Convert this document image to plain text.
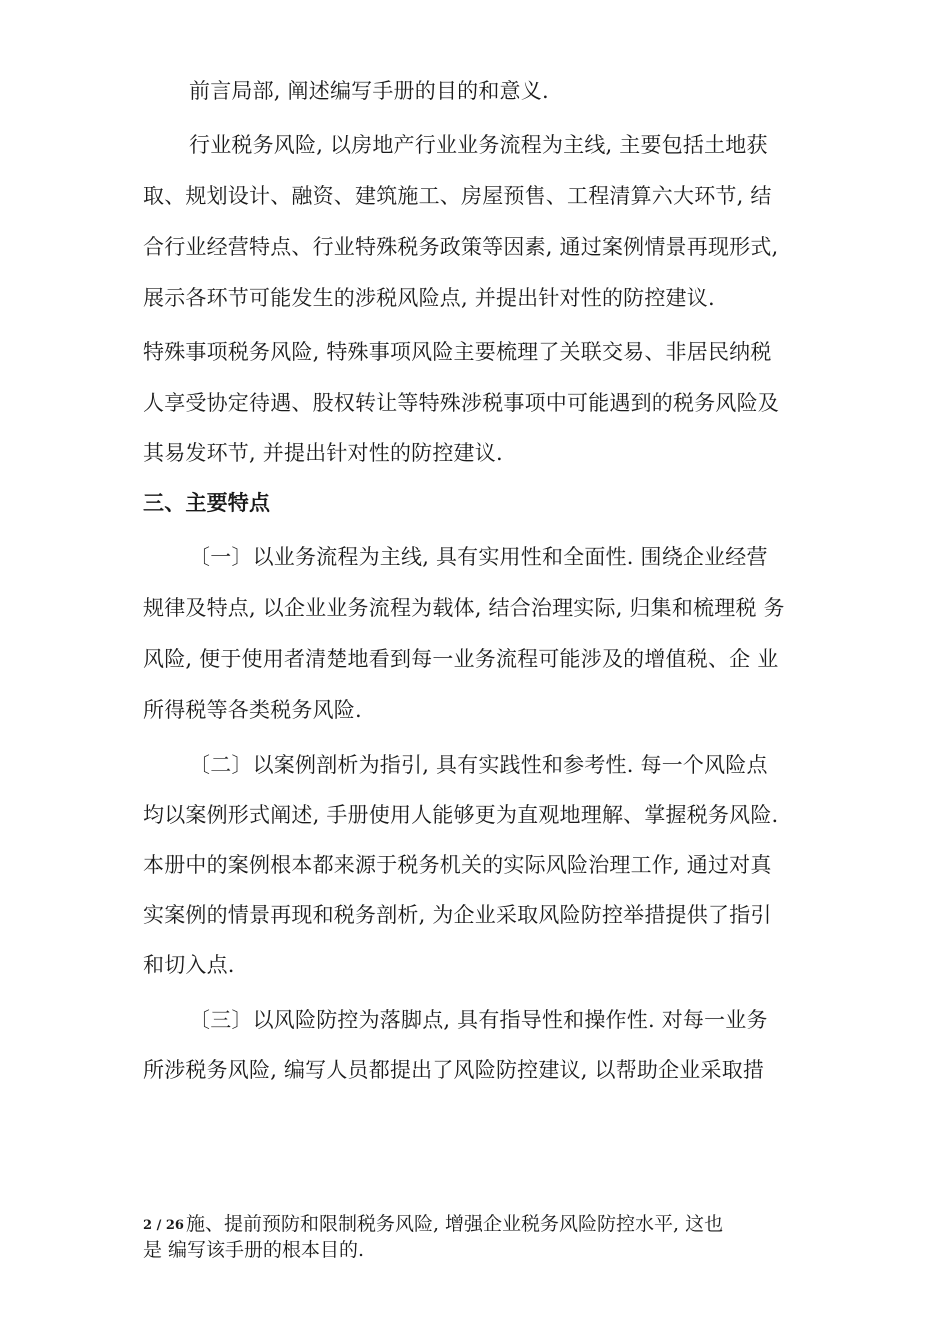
前言局部, 阐述编写手册的目的和意义.
行业税务风险, 以房地产行业业务流程为主线, 主要包括土地获
取、规划设计、融资、建筑施工、房屋预售、工程清算六大环节, 结
合行业经营特点、行业特殊税务政策等因素, 通过案例情景再现形式,
展示各环节可能发生的涉税风险点, 并提出针对性的防控建议.
特殊事项税务风险, 特殊事项风险主要梳理了关联交易、非居民纳税
人享受协定待遇、股权转让等特殊涉税事项中可能遇到的税务风险及
其易发环节, 并提出针对性的防控建议.
三、主要特点
〔一〕以业务流程为主线, 具有实用性和全面性. 围绕企业经营
规律及特点, 以企业业务流程为载体, 结合治理实际, 归集和梳理税 务
风险, 便于使用者清楚地看到每一业务流程可能涉及的增值税、企 业
所得税等各类税务风险.
〔二〕以案例剖析为指引, 具有实践性和参考性. 每一个风险点
均以案例形式阐述, 手册使用人能够更为直观地理解、掌握税务风险.
本册中的案例根本都来源于税务机关的实际风险治理工作, 通过对真
实案例的情景再现和税务剖析, 为企业采取风险防控举措提供了指引
和切入点.
〔三〕以风险防控为落脚点, 具有指导性和操作性. 对每一业务
所涉税务风险, 编写人员都提出了风险防控建议, 以帮助企业采取措
2 / 26 施、提前预防和限制税务风险, 增强企业税务风险防控水平, 这也
是 编写该手册的根本目的.
